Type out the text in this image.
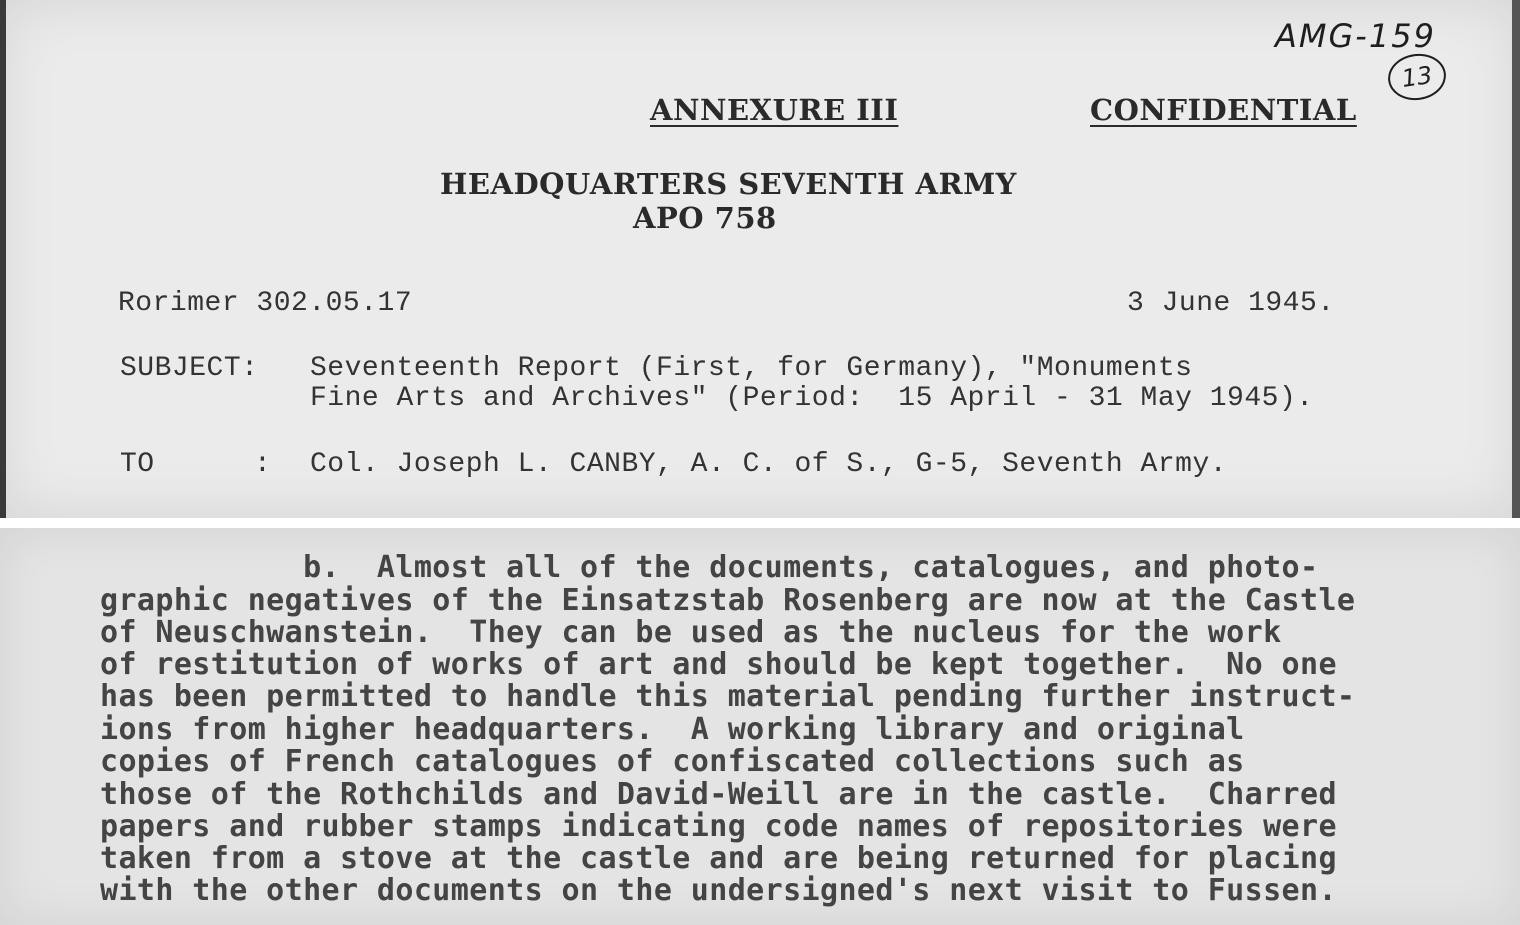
AMG-159
13
ANNEXURE III	CONFIDENTIAL
HEADQUARTERS SEVENTH ARMY
APO 758
Rorimer 302.05.17	3 June 1945.
SUBJECT: Seventeenth Report (First, for Germany), "Monuments
Fine Arts and Archives" (Period:  15 April - 31 May 1945).
TO	: Col. Joseph L. CANBY, A. C. of S., G-5, Seventh Army.
b.  Almost all of the documents, catalogues, and photo-
graphic negatives of the Einsatzstab Rosenberg are now at the Castle
of Neuschwanstein.  They can be used as the nucleus for the work
of restitution of works of art and should be kept together.  No one
has been permitted to handle this material pending further instruct-
ions from higher headquarters.  A working library and original
copies of French catalogues of confiscated collections such as
those of the Rothchilds and David-Weill are in the castle.  Charred
papers and rubber stamps indicating code names of repositories were
taken from a stove at the castle and are being returned for placing
with the other documents on the undersigned's next visit to Fussen.
